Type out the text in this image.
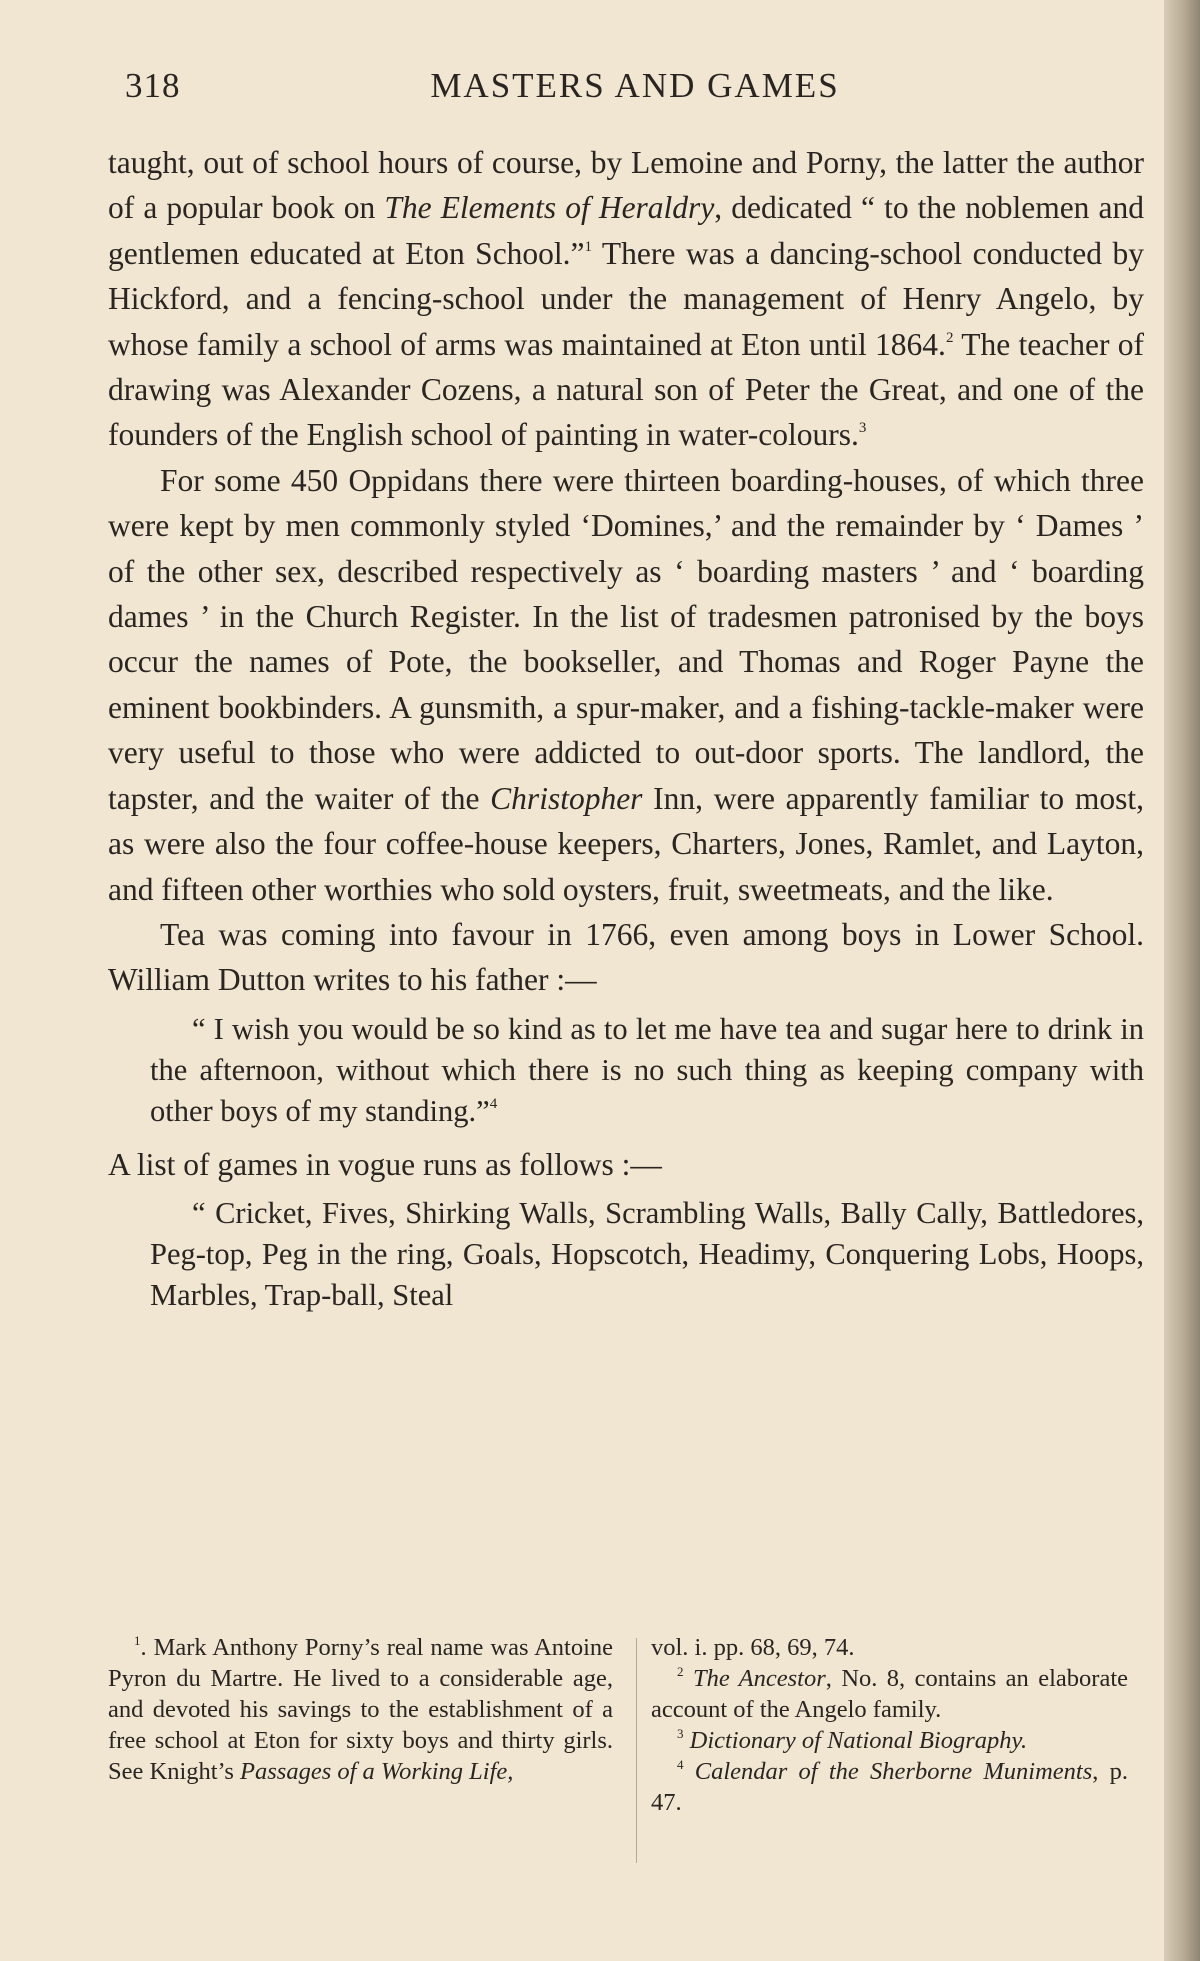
318	MASTERS AND GAMES

taught, out of school hours of course, by Lemoine and Porny, the latter the author of a popular book on The Elements of Heraldry, dedicated “ to the noblemen and gentlemen educated at Eton School.”$^1$ There was a dancing-school conducted by Hickford, and a fencing-school under the management of Henry Angelo, by whose family a school of arms was maintained at Eton until 1864.$^2$ The teacher of drawing was Alexander Cozens, a natural son of Peter the Great, and one of the founders of the English school of painting in water-colours.$^3$

For some 450 Oppidans there were thirteen boarding-houses, of which three were kept by men commonly styled ‘Domines,’ and the remainder by ‘ Dames ’ of the other sex, described respectively as ‘ boarding masters ’ and ‘ boarding dames ’ in the Church Register. In the list of tradesmen patronised by the boys occur the names of Pote, the bookseller, and Thomas and Roger Payne the eminent bookbinders. A gunsmith, a spur-maker, and a fishing-tackle-maker were very useful to those who were addicted to out-door sports. The landlord, the tapster, and the waiter of the Christopher Inn, were apparently familiar to most, as were also the four coffee-house keepers, Charters, Jones, Ramlet, and Layton, and fifteen other worthies who sold oysters, fruit, sweetmeats, and the like.

Tea was coming into favour in 1766, even among boys in Lower School. William Dutton writes to his father :—

“ I wish you would be so kind as to let me have tea and sugar here to drink in the afternoon, without which there is no such thing as keeping company with other boys of my standing.”$^4$

A list of games in vogue runs as follows :—

“ Cricket, Fives, Shirking Walls, Scrambling Walls, Bally Cally, Battledores, Peg-top, Peg in the ring, Goals, Hopscotch, Headimy, Conquering Lobs, Hoops, Marbles, Trap-ball, Steal

$^1$. Mark Anthony Porny’s real name was Antoine Pyron du Martre. He lived to a considerable age, and devoted his savings to the establishment of a free school at Eton for sixty boys and thirty girls. See Knight’s Passages of a Working Life,

vol. i. pp. 68, 69, 74.

$^2$ The Ancestor, No. 8, contains an elaborate account of the Angelo family.

$^3$ Dictionary of National Biography.

$^4$ Calendar of the Sherborne Muniments, p. 47.
